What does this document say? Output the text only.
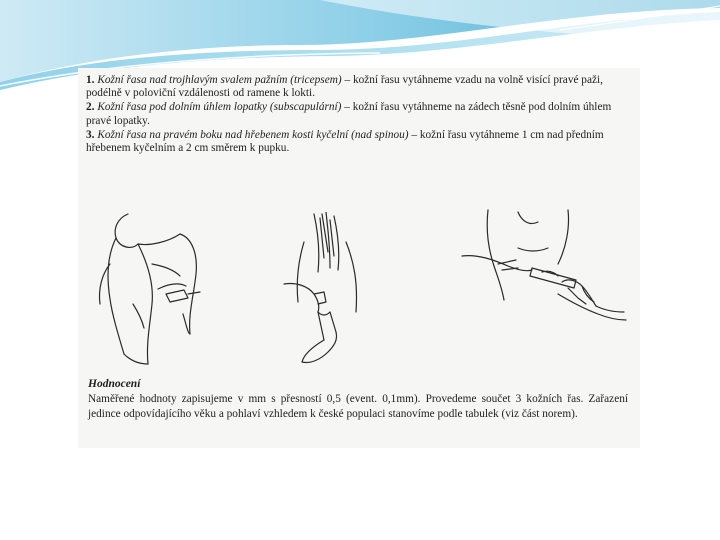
1. Kožní řasa nad trojhlavým svalem pažním (tricepsem) – kožní řasu vytáhneme vzadu na volně visící pravé paži, podélně v poloviční vzdálenosti od ramene k lokti.

2. Kožní řasa pod dolním úhlem lopatky (subscapulární) – kožní řasu vytáhneme na zádech těsně pod dolním úhlem pravé lopatky.

3. Kožní řasa na pravém boku nad hřebenem kosti kyčelní (nad spinou) – kožní řasu vytáhneme 1 cm nad předním hřebenem kyčelním a 2 cm směrem k pupku.

Hodnocení
Naměřené hodnoty zapisujeme v mm s přesností 0,5 (event. 0,1mm). Provedeme součet 3 kožních řas. Zařazení jedince odpovídajícího věku a pohlaví vzhledem k české populaci stanovíme podle tabulek (viz část norem).
